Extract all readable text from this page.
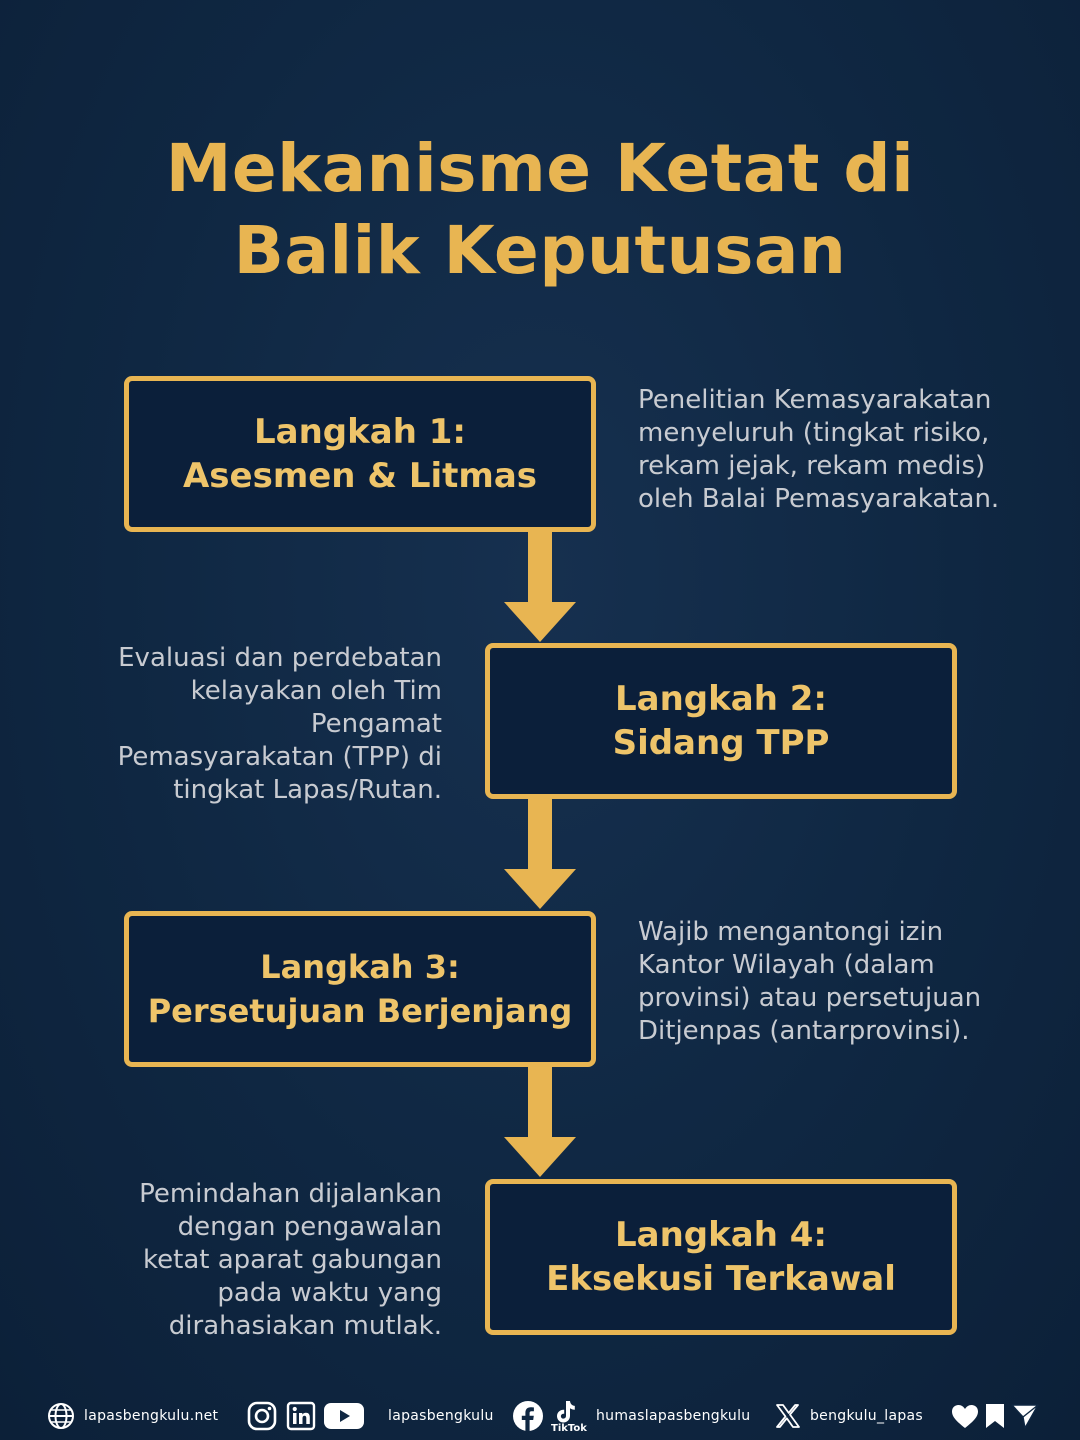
Mekanisme Ketat di
Balik Keputusan
Langkah 1:
Asesmen & Litmas
Penelitian Kemasyarakatan
menyeluruh (tingkat risiko,
rekam jejak, rekam medis)
oleh Balai Pemasyarakatan.
Langkah 2:
Sidang TPP
Evaluasi dan perdebatan
kelayakan oleh Tim
Pengamat
Pemasyarakatan (TPP) di
tingkat Lapas/Rutan.
Langkah 3:
Persetujuan Berjenjang
Wajib mengantongi izin
Kantor Wilayah (dalam
provinsi) atau persetujuan
Ditjenpas (antarprovinsi).
Langkah 4:
Eksekusi Terkawal
Pemindahan dijalankan
dengan pengawalan
ketat aparat gabungan
pada waktu yang
dirahasiakan mutlak.
lapasbengkulu.net	lapasbengkulu
TikTok
humaslapasbengkulu	bengkulu_lapas
